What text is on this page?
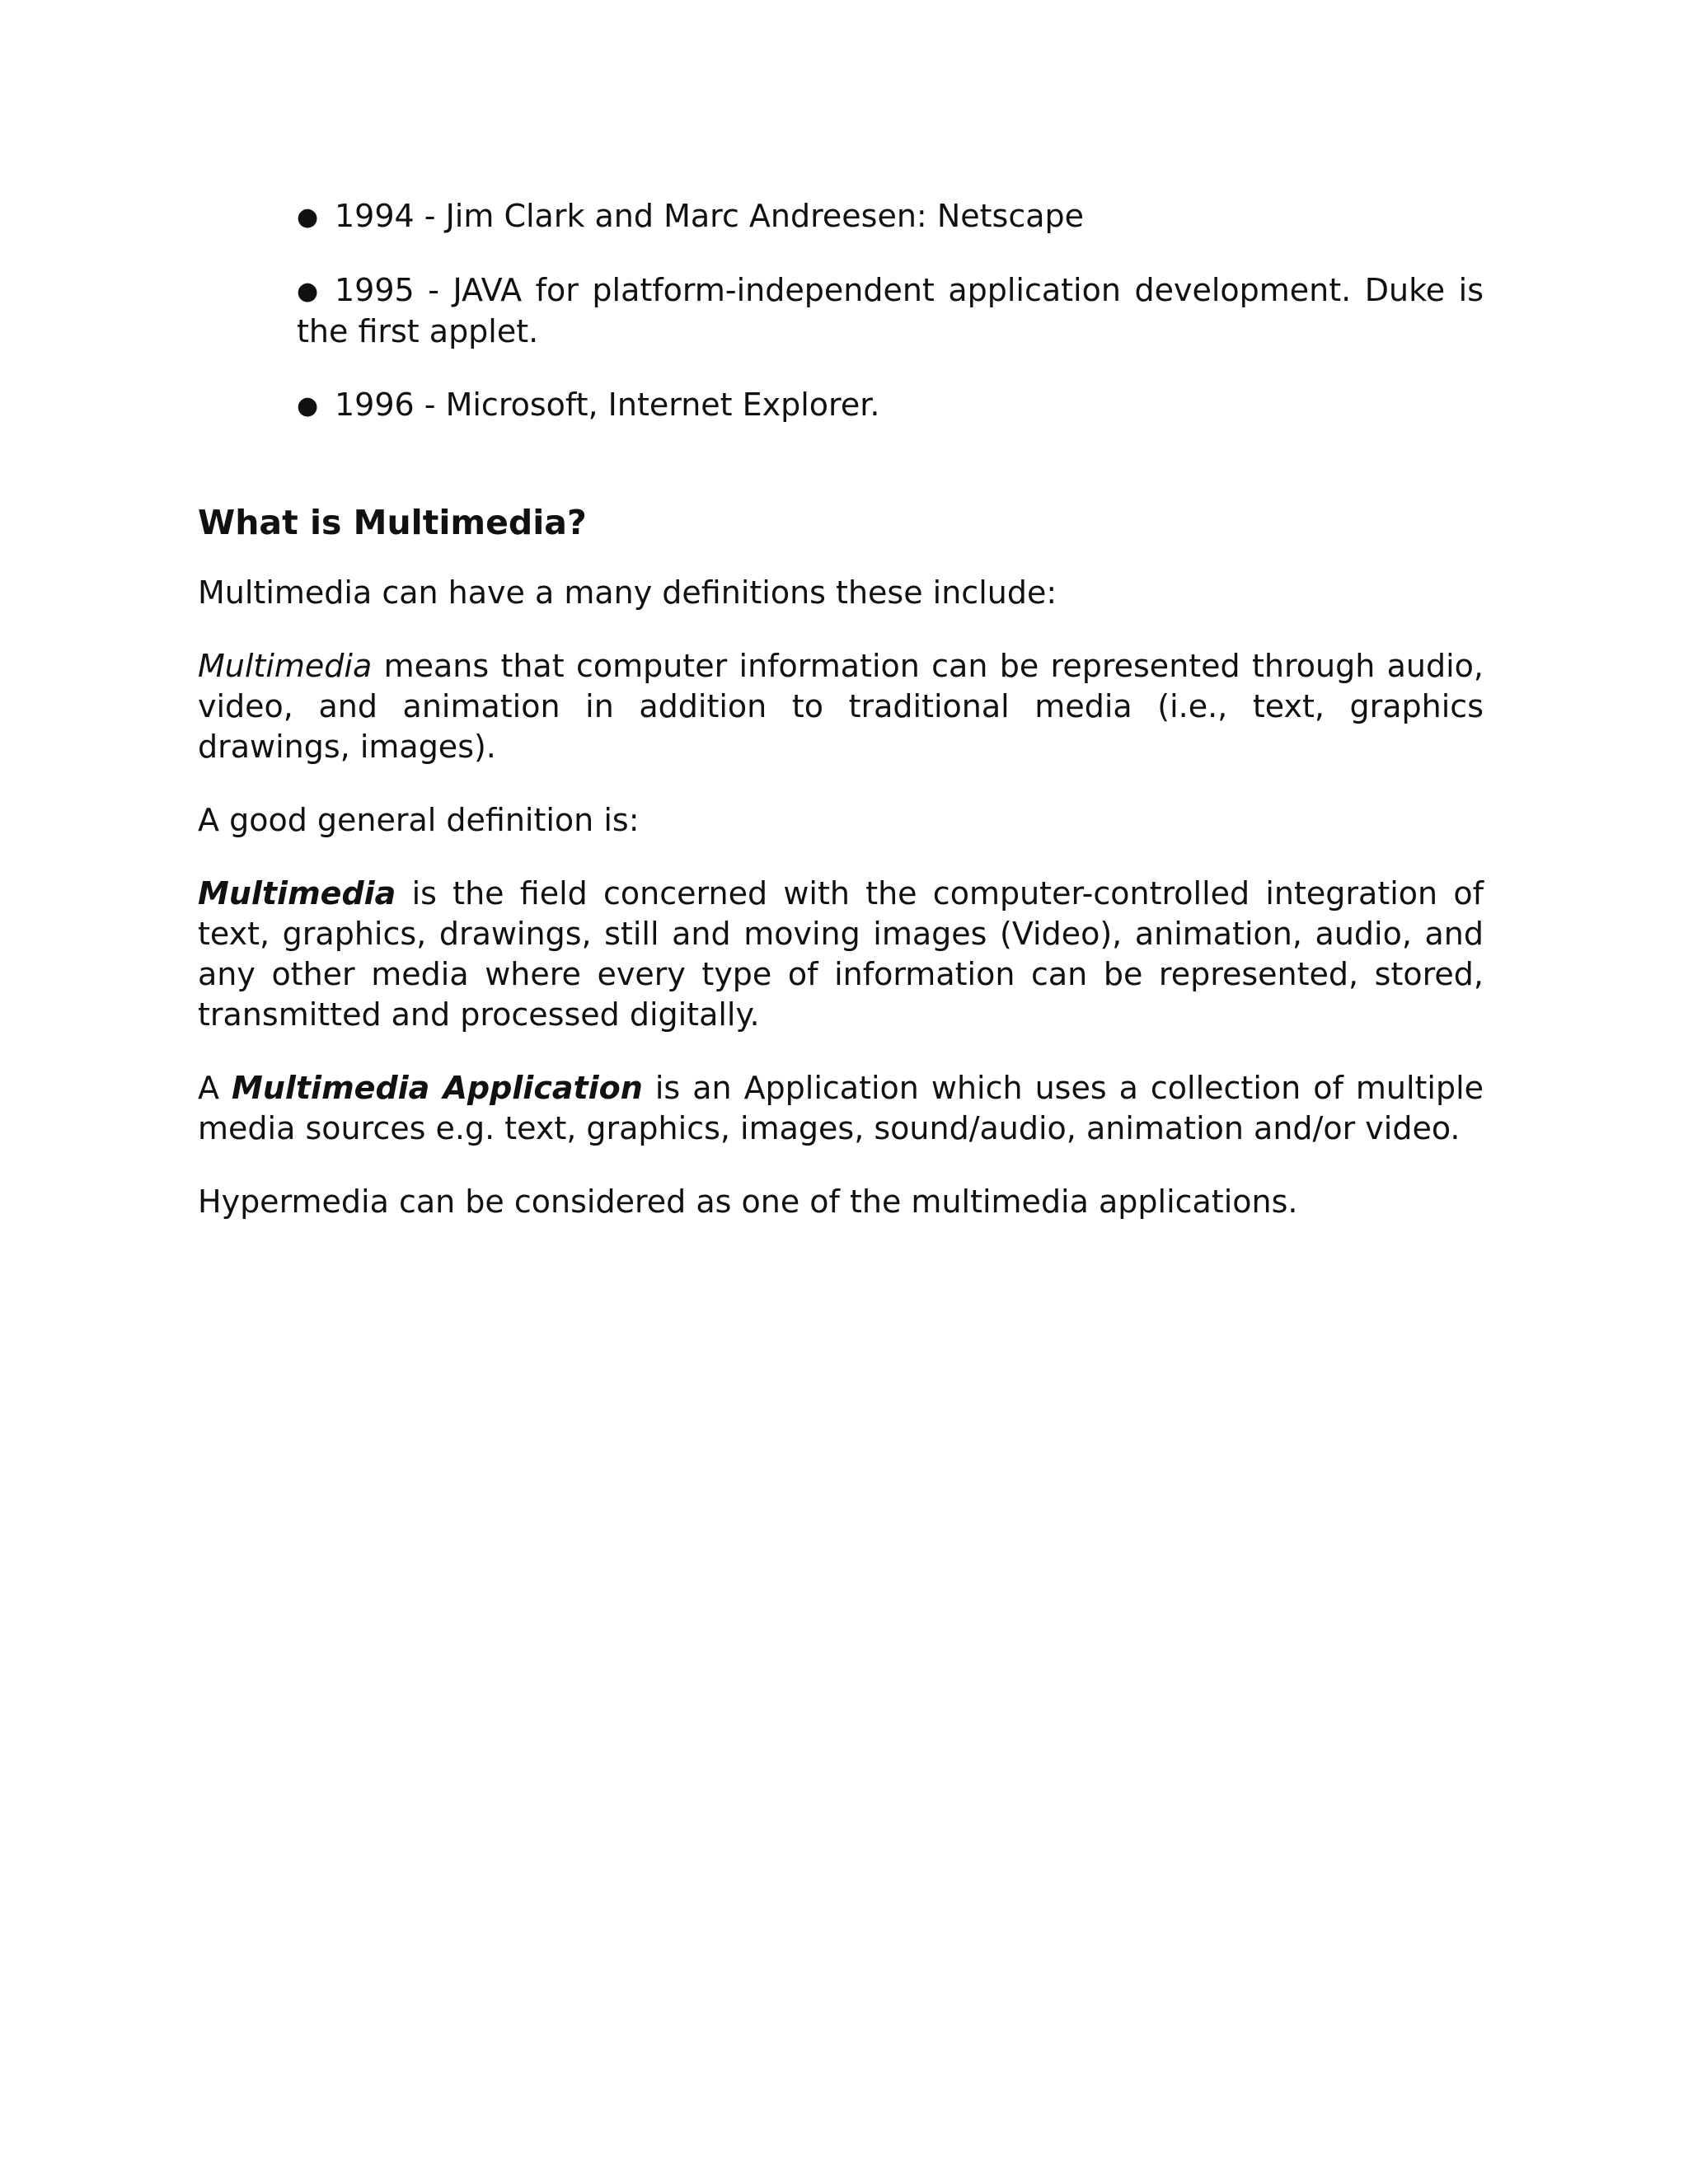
● 1994 - Jim Clark and Marc Andreesen: Netscape
● 1995 - JAVA for platform-independent application development. Duke is the first applet.
● 1996 - Microsoft, Internet Explorer.
What is Multimedia?

Multimedia can have a many definitions these include:

Multimedia means that computer information can be represented through audio, video, and animation in addition to traditional media (i.e., text, graphics drawings, images).

A good general definition is:

Multimedia is the field concerned with the computer-controlled integration of text, graphics, drawings, still and moving images (Video), animation, audio, and any other media where every type of information can be represented, stored, transmitted and processed digitally.

A Multimedia Application is an Application which uses a collection of multiple media sources e.g. text, graphics, images, sound/audio, animation and/or video.

Hypermedia can be considered as one of the multimedia applications.
